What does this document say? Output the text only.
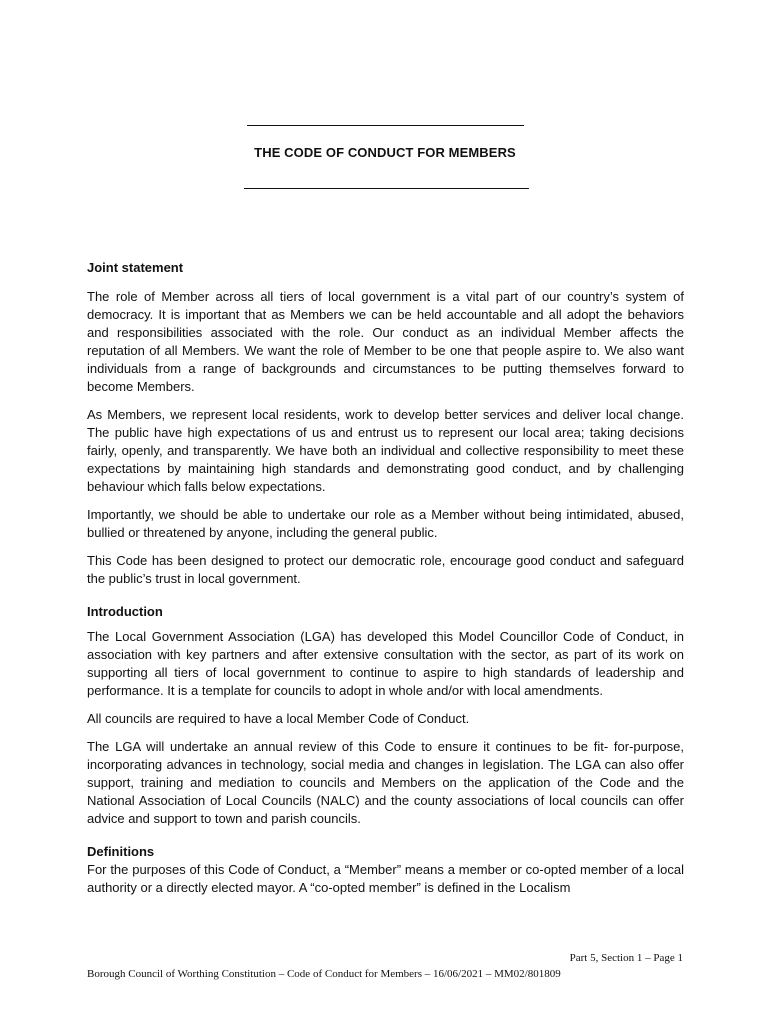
THE CODE OF CONDUCT FOR MEMBERS
Joint statement

The role of Member across all tiers of local government is a vital part of our country’s system of democracy. It is important that as Members we can be held accountable and all adopt the behaviors and responsibilities associated with the role. Our conduct as an individual Member affects the reputation of all Members. We want the role of Member to be one that people aspire to. We also want individuals from a range of backgrounds and circumstances to be putting themselves forward to become Members.

As Members, we represent local residents, work to develop better services and deliver local change. The public have high expectations of us and entrust us to represent our local area; taking decisions fairly, openly, and transparently. We have both an individual and collective responsibility to meet these expectations by maintaining high standards and demonstrating good conduct, and by challenging behaviour which falls below expectations.

Importantly, we should be able to undertake our role as a Member without being intimidated, abused, bullied or threatened by anyone, including the general public.

This Code has been designed to protect our democratic role, encourage good conduct and safeguard the public’s trust in local government.

Introduction

The Local Government Association (LGA) has developed this Model Councillor Code of Conduct, in association with key partners and after extensive consultation with the sector, as part of its work on supporting all tiers of local government to continue to aspire to high standards of leadership and performance. It is a template for councils to adopt in whole and/or with local amendments.

All councils are required to have a local Member Code of Conduct.

The LGA will undertake an annual review of this Code to ensure it continues to be fit- for-purpose, incorporating advances in technology, social media and changes in legislation. The LGA can also offer support, training and mediation to councils and Members on the application of the Code and the National Association of Local Councils (NALC) and the county associations of local councils can offer advice and support to town and parish councils.

Definitions

For the purposes of this Code of Conduct, a “Member” means a member or co-opted member of a local authority or a directly elected mayor. A “co-opted member” is defined in the Localism

Part 5, Section 1 – Page 1
Borough Council of Worthing Constitution – Code of Conduct for Members – 16/06/2021 – MM02/801809
